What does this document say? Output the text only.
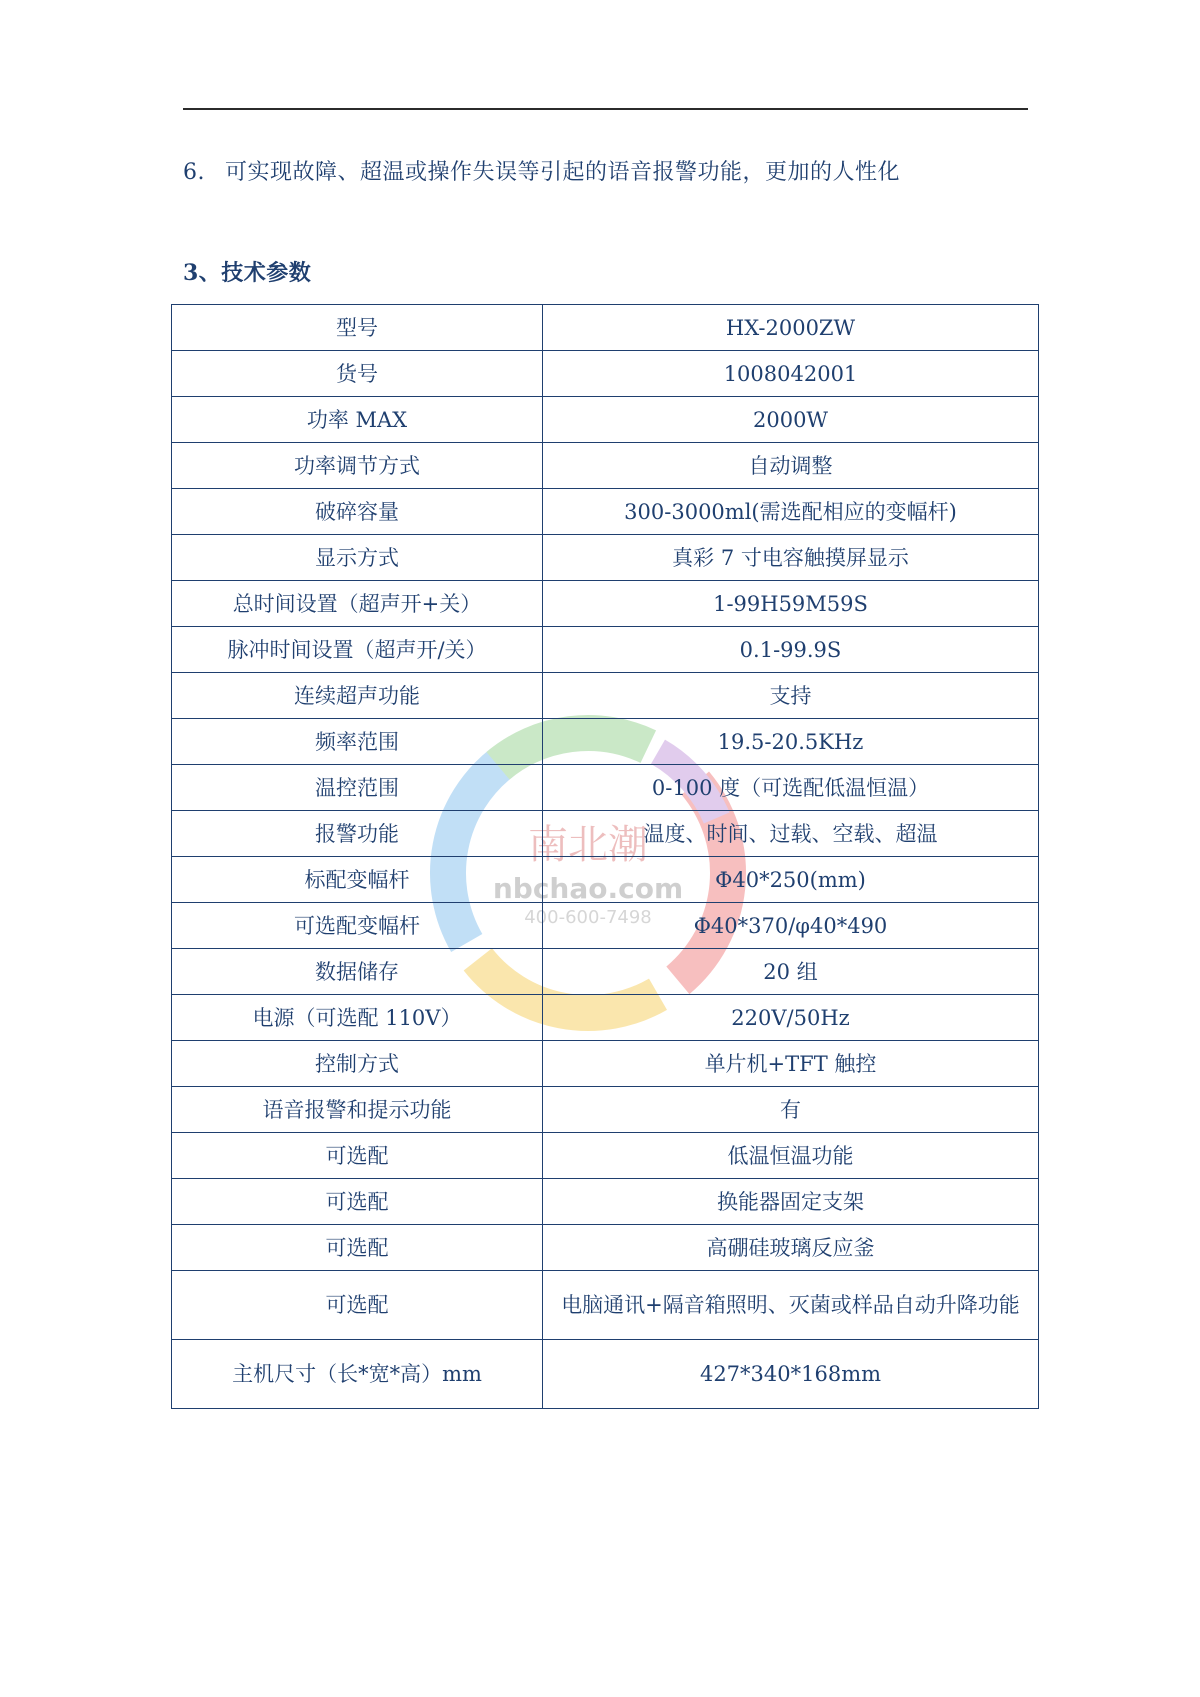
6. 可实现故障、超温或操作失误等引起的语音报警功能，更加的人性化
3、技术参数
南北潮
nbchao.com
400-600-7498
型号	HX-2000ZW
货号	1008042001
功率 MAX	2000W
功率调节方式	自动调整
破碎容量	300-3000ml(需选配相应的变幅杆)
显示方式	真彩 7 寸电容触摸屏显示
总时间设置（超声开+关）	1-99H59M59S
脉冲时间设置（超声开/关）	0.1-99.9S
连续超声功能	支持
频率范围	19.5-20.5KHz
温控范围	0-100 度（可选配低温恒温）
报警功能	温度、时间、过载、空载、超温
标配变幅杆	Φ40*250(mm)
可选配变幅杆	Φ40*370/φ40*490
数据储存	20 组
电源（可选配 110V）	220V/50Hz
控制方式	单片机+TFT 触控
语音报警和提示功能	有
可选配	低温恒温功能
可选配	换能器固定支架
可选配	高硼硅玻璃反应釜
可选配	电脑通讯+隔音箱照明、灭菌或样品自动升降功能
主机尺寸（长*宽*高）mm	427*340*168mm
